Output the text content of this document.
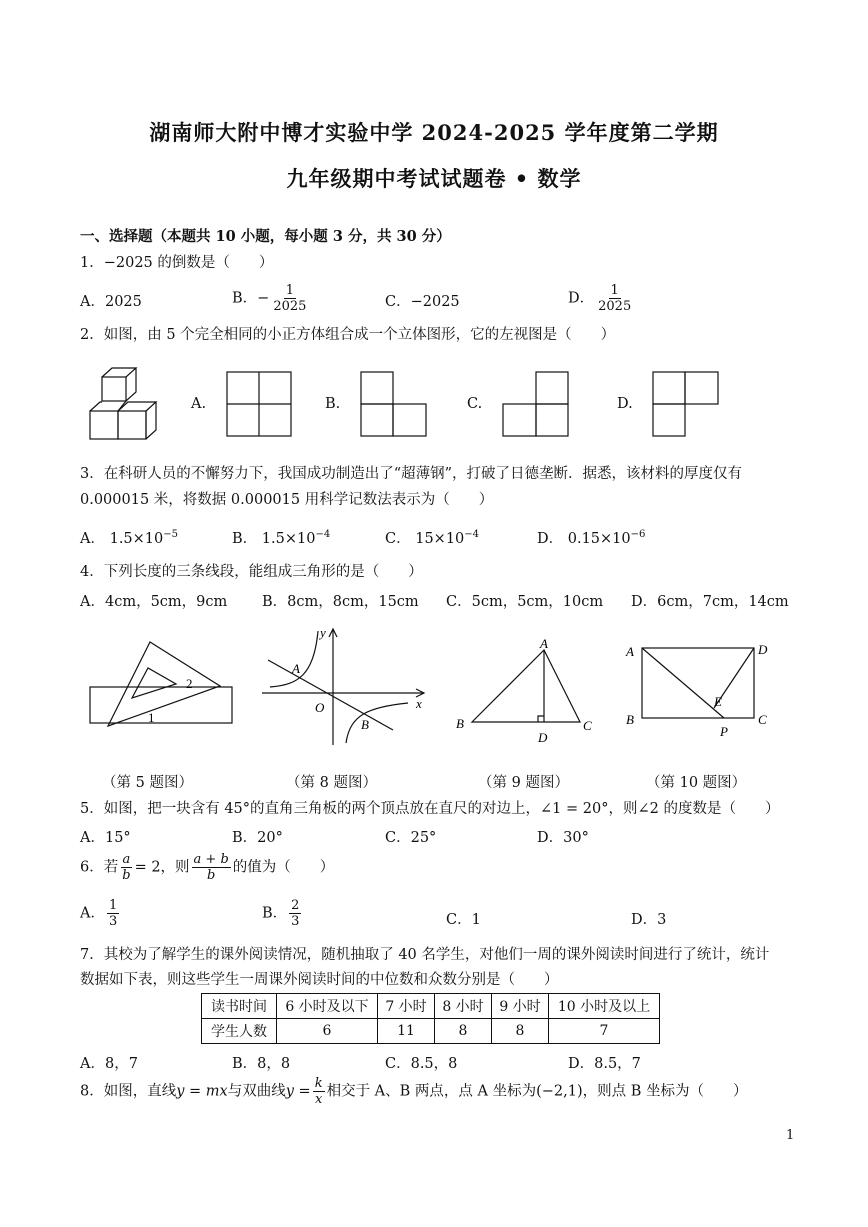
湖南师大附中博才实验中学 2024-2025 学年度第二学期
九年级期中考试试题卷 • 数学
一、选择题（本题共 10 小题，每小题 3 分，共 30 分）
1．−2025 的倒数是（　　）
A．2025	B．− $\frac{1}{2025}$	C．−2025	D． $\frac{1}{2025}$
2．如图，由 5 个完全相同的小正方体组合成一个立体图形，它的左视图是（　　）
A.	B.	C.	D.
3．在科研人员的不懈努力下，我国成功制造出了“超薄钢”，打破了日德垄断．据悉，该材料的厚度仅有
0.000015 米，将数据 0.000015 用科学记数法表示为（　　）
A． $1.5\times 10^{-5}$	B． $1.5\times 10^{-4}$	C． $15\times 10^{-4}$	D． $0.15\times 10^{-6}$
4．下列长度的三条线段，能组成三角形的是（　　）
A．4cm，5cm，9cm B．8cm，8cm，15cm C．5cm，5cm，10cm D．6cm，7cm，14cm
1
2
y
x
O
A
B
A
B	C
D
A	D
B	C
E
P
（第 5 题图）	（第 8 题图）	（第 9 题图）	（第 10 题图）
5．如图，把一块含有 45°的直角三角板的两个顶点放在直尺的对边上，∠1 = 20°，则∠2 的度数是（　　）
A．15°	B．20°	C．25°	D．30°
6．若 $\frac{a}{b} = 2$，则 $\frac{a + b}{b}$ 的值为（　　）
A． $\frac{1}{3}$	B． $\frac{2}{3}$	C．1	D．3
7．其校为了解学生的课外阅读情况，随机抽取了 40 名学生，对他们一周的课外阅读时间进行了统计，统计
数据如下表，则这些学生一周课外阅读时间的中位数和众数分别是（　　）
读书时间	6 小时及以下	7 小时	8 小时	9 小时	10 小时及以上
学生人数	6	11	8	8	7
A．8，7	B．8，8	C．8.5，8	D．8.5，7
8．如图，直线y = mx与双曲线$y = \frac{k}{x}$ 相交于 A、B 两点，点 A 坐标为(−2,1)，则点 B 坐标为（　　）
1
